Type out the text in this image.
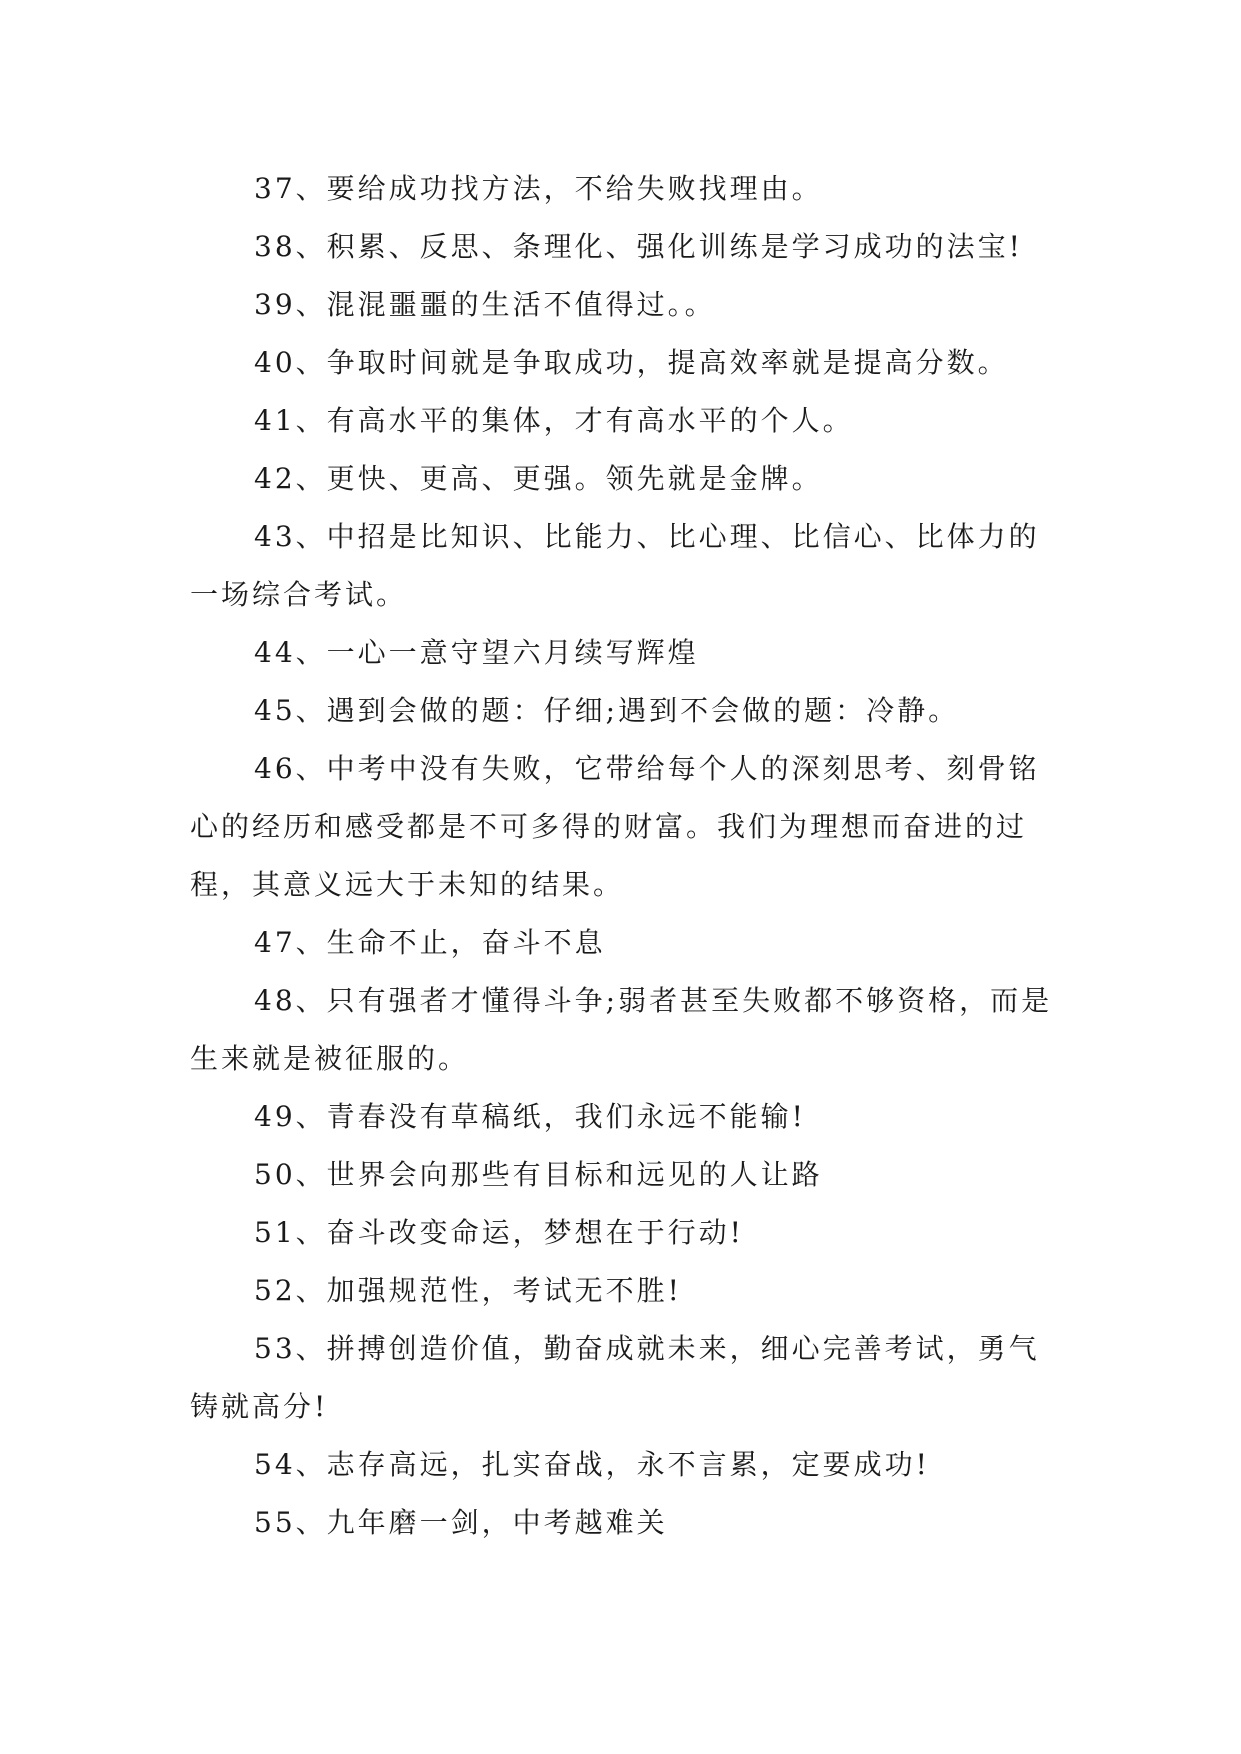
37、要给成功找方法，不给失败找理由。

38、积累、反思、条理化、强化训练是学习成功的法宝!

39、混混噩噩的生活不值得过。。

40、争取时间就是争取成功，提高效率就是提高分数。

41、有高水平的集体，才有高水平的个人。

42、更快、更高、更强。领先就是金牌。

43、中招是比知识、比能力、比心理、比信心、比体力的一场综合考试。

44、一心一意守望六月续写辉煌

45、遇到会做的题：仔细;遇到不会做的题：冷静。

46、中考中没有失败，它带给每个人的深刻思考、刻骨铭心的经历和感受都是不可多得的财富。我们为理想而奋进的过程，其意义远大于未知的结果。

47、生命不止，奋斗不息

48、只有强者才懂得斗争;弱者甚至失败都不够资格，而是生来就是被征服的。

49、青春没有草稿纸，我们永远不能输!

50、世界会向那些有目标和远见的人让路

51、奋斗改变命运，梦想在于行动!

52、加强规范性，考试无不胜!

53、拼搏创造价值，勤奋成就未来，细心完善考试，勇气铸就高分!

54、志存高远，扎实奋战，永不言累，定要成功!

55、九年磨一剑，中考越难关
